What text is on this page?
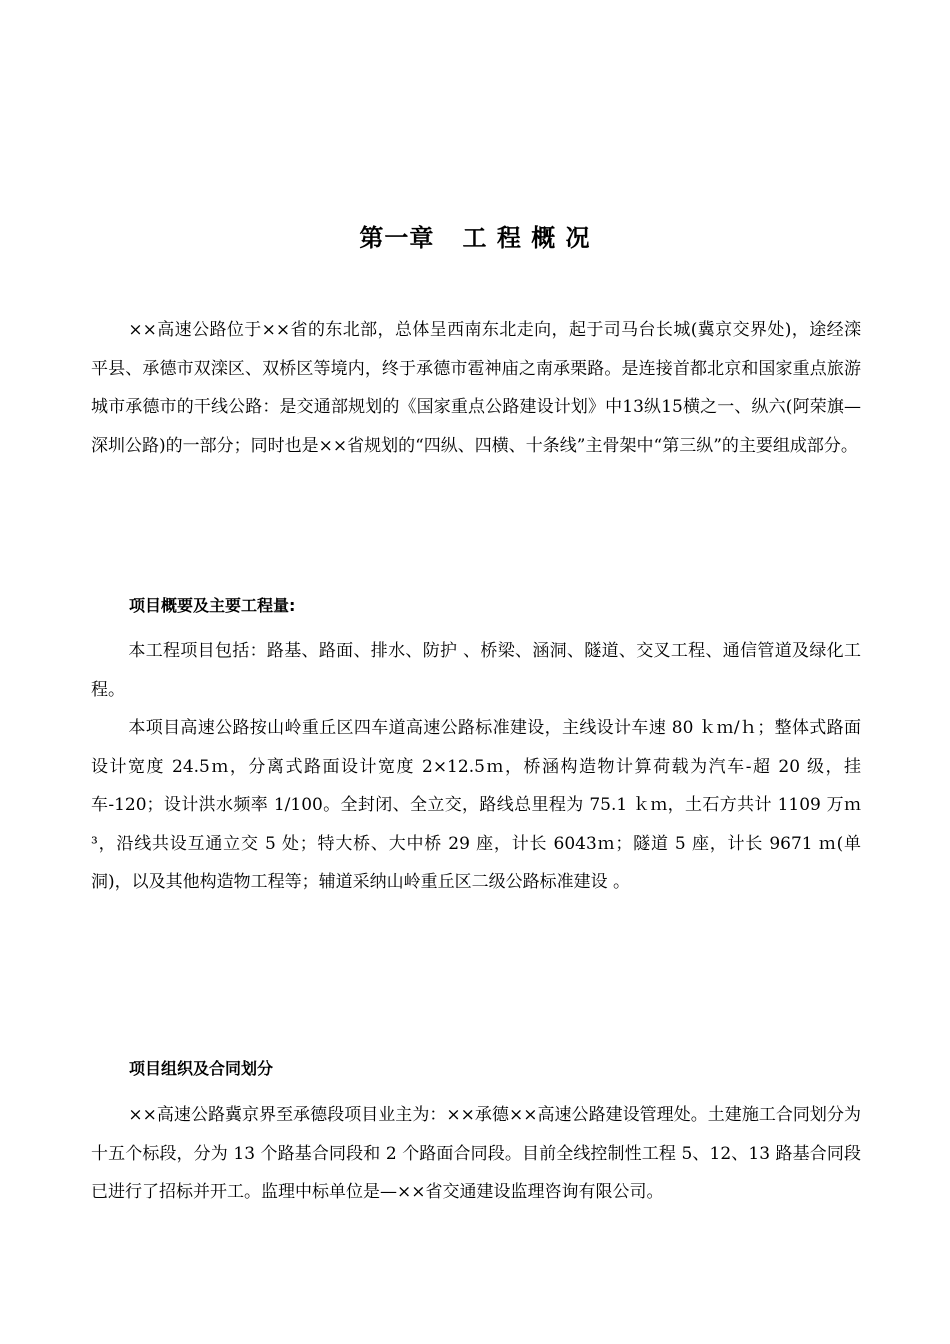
第一章   工 程 概 况

××高速公路位于××省的东北部，总体呈西南东北走向，起于司马台长城(冀京交界处)，途经滦平县、承德市双滦区、双桥区等境内，终于承德市雹神庙之南承栗路。是连接首都北京和国家重点旅游城市承德市的干线公路：是交通部规划的《国家重点公路建设计划》中13纵15横之一、纵六(阿荣旗—深圳公路)的一部分；同时也是××省规划的“四纵、四横、十条线”主骨架中“第三纵”的主要组成部分。

项目概要及主要工程量:

本工程项目包括：路基、路面、排水、防护 、桥梁、涵洞、隧道、交叉工程、通信管道及绿化工程。

本项目高速公路按山岭重丘区四车道高速公路标准建设，主线设计车速 80 ｋｍ/ｈ；整体式路面设计宽度 24.5ｍ，分离式路面设计宽度 2×12.5ｍ，桥涵构造物计算荷载为汽车-超 20 级，挂车-120；设计洪水频率 1/100。全封闭、全立交，路线总里程为 75.1 ｋｍ，土石方共计 1109 万ｍ³，沿线共设互通立交 5 处；特大桥、大中桥 29 座，计长 6043ｍ；隧道 5 座，计长 9671 ｍ(单洞)，以及其他构造物工程等；辅道采纳山岭重丘区二级公路标准建设 。

项目组织及合同划分

××高速公路冀京界至承德段项目业主为：××承德××高速公路建设管理处。土建施工合同划分为十五个标段，分为 13 个路基合同段和 2 个路面合同段。目前全线控制性工程 5、12、13 路基合同段已进行了招标并开工。监理中标单位是—××省交通建设监理咨询有限公司。
